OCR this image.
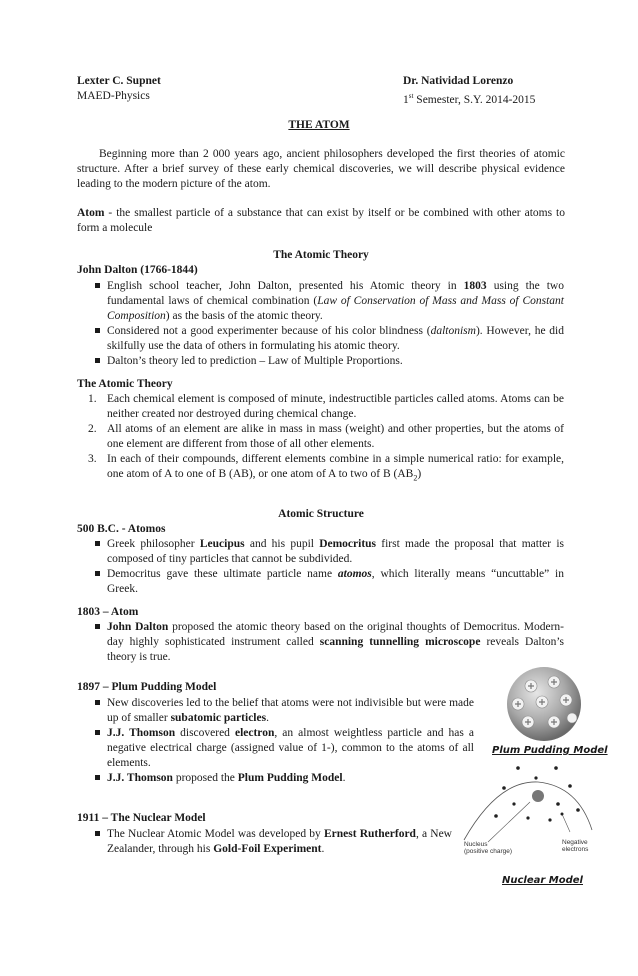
Lexter C. Supnet
MAED-Physics
Dr. Natividad Lorenzo
1st Semester, S.Y. 2014-2015
THE ATOM
Beginning more than 2 000 years ago, ancient philosophers developed the first theories of atomic structure. After a brief survey of these early chemical discoveries, we will describe physical evidence leading to the modern picture of the atom.
Atom - the smallest particle of a substance that can exist by itself or be combined with other atoms to form a molecule
The Atomic Theory
John Dalton (1766-1844)
English school teacher, John Dalton, presented his Atomic theory in 1803 using the two fundamental laws of chemical combination (Law of Conservation of Mass and Mass of Constant Composition) as the basis of the atomic theory.
Considered not a good experimenter because of his color blindness (daltonism). However, he did skilfully use the data of others in formulating his atomic theory.
Dalton’s theory led to prediction – Law of Multiple Proportions.
The Atomic Theory
1. Each chemical element is composed of minute, indestructible particles called atoms. Atoms can be neither created nor destroyed during chemical change.
2. All atoms of an element are alike in mass in mass (weight) and other properties, but the atoms of one element are different from those of all other elements.
3. In each of their compounds, different elements combine in a simple numerical ratio: for example, one atom of A to one of B (AB), or one atom of A to two of B $(AB_2)$
Atomic Structure
500 B.C. - Atomos
Greek philosopher Leucipus and his pupil Democritus first made the proposal that matter is composed of tiny particles that cannot be subdivided.
Democritus gave these ultimate particle name atomos, which literally means “uncuttable” in Greek.
1803 – Atom
John Dalton proposed the atomic theory based on the original thoughts of Democritus. Modern-day highly sophisticated instrument called scanning tunnelling microscope reveals Dalton’s theory is true.
1897 – Plum Pudding Model
New discoveries led to the belief that atoms were not indivisible but were made up of smaller subatomic particles.
J.J. Thomson discovered electron, an almost weightless particle and has a negative electrical charge (assigned value of 1-), common to the atoms of all elements.
J.J. Thomson proposed the Plum Pudding Model.
1911 – The Nuclear Model
The Nuclear Atomic Model was developed by Ernest Rutherford, a New Zealander, through his Gold-Foil Experiment.
Plum Pudding Model
Nucleus
(positive charge)
Negative
electrons
Nuclear Model
